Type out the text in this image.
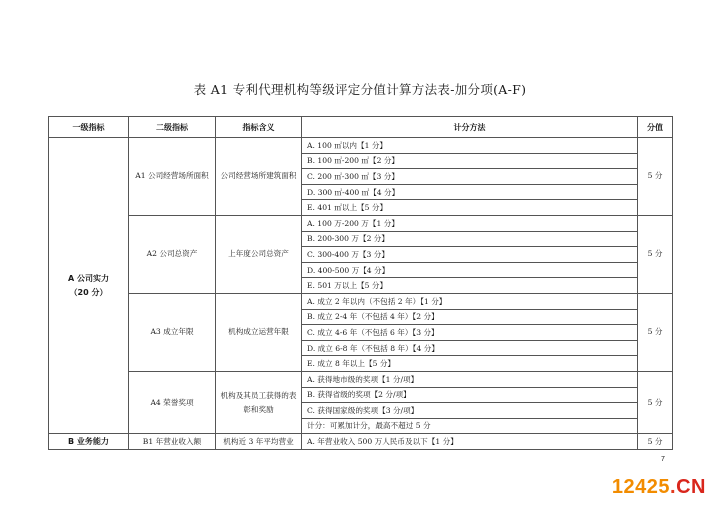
表 A1 专利代理机构等级评定分值计算方法表-加分项(A-F)
一级指标	二级指标	指标含义	计分方法	分值

A 公司实力
（20 分）	A1 公司经营场所面积	公司经营场所建筑面积	A. 100 ㎡以内【1 分】	5 分
			B. 100 ㎡-200 ㎡【2 分】	
			C. 200 ㎡-300 ㎡【3 分】	
			D. 300 ㎡-400 ㎡【4 分】	
			E. 401 ㎡以上【5 分】	
	A2 公司总资产	上年度公司总资产	A. 100 万-200 万【1 分】	5 分
			B. 200-300 万【2 分】	
			C. 300-400 万【3 分】	
			D. 400-500 万【4 分】	
			E. 501 万以上【5 分】	
	A3 成立年限	机构成立运营年限	A. 成立 2 年以内（不包括 2 年）【1 分】	5 分
			B. 成立 2-4 年（不包括 4 年）【2 分】	
			C. 成立 4-6 年（不包括 6 年）【3 分】	
			D. 成立 6-8 年（不包括 8 年）【4 分】	
			E. 成立 8 年以上【5 分】	
	A4 荣誉奖项	机构及其员工获得的表彰和奖励	A. 获得地市级的奖项【1 分/项】	5 分
			B. 获得省级的奖项【2 分/项】	
			C. 获得国家级的奖项【3 分/项】	
			计分：可累加计分，最高不超过 5 分	
B 业务能力	B1 年营业收入额	机构近 3 年平均营业	A. 年营业收入 500 万人民币及以下【1 分】	5 分
7
12425.CN
